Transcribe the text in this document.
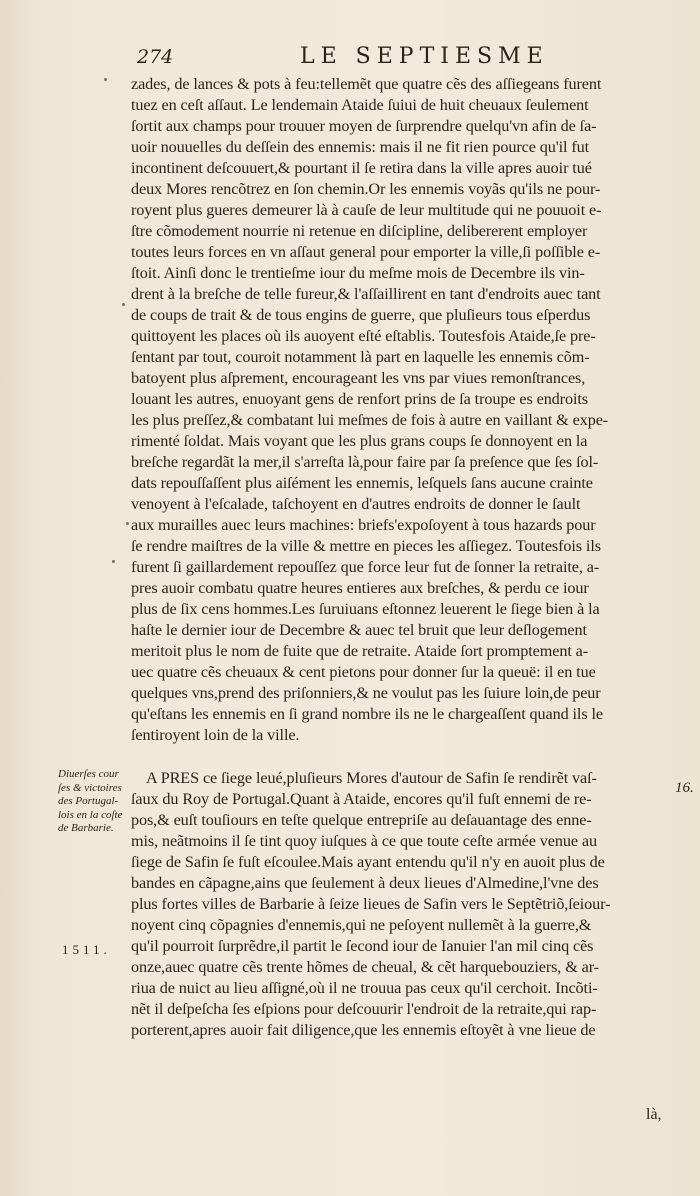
274	LE SEPTIESME
zades, de lances & pots à feu:tellemẽt que quatre cẽs des aſſiegeans furent
tuez en ceſt aſſaut. Le lendemain Ataide ſuiui de huit cheuaux ſeulement
ſortit aux champs pour trouuer moyen de ſurprendre quelqu'vn afin de ſa-
uoir nouuelles du deſſein des ennemis: mais il ne fit rien pource qu'il fut
incontinent deſcouuert,& pourtant il ſe retira dans la ville apres auoir tué
deux Mores rencõtrez en ſon chemin.Or les ennemis voyãs qu'ils ne pour-
royent plus gueres demeurer là à cauſe de leur multitude qui ne pouuoit e-
ſtre cõmodement nourrie ni retenue en diſcipline, delibererent employer
toutes leurs forces en vn aſſaut general pour emporter la ville,ſi poſſible e-
ſtoit. Ainſi donc le trentieſme iour du meſme mois de Decembre ils vin-
drent à la breſche de telle fureur,& l'aſſaillirent en tant d'endroits auec tant
de coups de trait & de tous engins de guerre, que pluſieurs tous eſperdus
quittoyent les places où ils auoyent eſté eſtablis. Toutesfois Ataide,ſe pre-
ſentant par tout, couroit notamment là part en laquelle les ennemis cõm-
batoyent plus aſprement, encourageant les vns par viues remonſtrances,
louant les autres, enuoyant gens de renfort prins de ſa troupe es endroits
les plus preſſez,& combatant lui meſmes de fois à autre en vaillant & expe-
rimenté ſoldat. Mais voyant que les plus grans coups ſe donnoyent en la
breſche regardãt la mer,il s'arreſta là,pour faire par ſa preſence que ſes ſol-
dats repouſſaſſent plus aiſément les ennemis, leſquels ſans aucune crainte
venoyent à l'eſcalade, taſchoyent en d'autres endroits de donner le ſault
aux murailles auec leurs machines: briefs'expoſoyent à tous hazards pour
ſe rendre maiſtres de la ville & mettre en pieces les aſſiegez. Toutesfois ils
furent ſi gaillardement repouſſez que force leur fut de ſonner la retraite, a-
pres auoir combatu quatre heures entieres aux breſches, & perdu ce iour
plus de ſix cens hommes.Les ſuruiuans eſtonnez leuerent le ſiege bien à la
haſte le dernier iour de Decembre & auec tel bruit que leur deſlogement
meritoit plus le nom de fuite que de retraite. Ataide ſort promptement a-
uec quatre cẽs cheuaux & cent pietons pour donner ſur la queuë: il en tue
quelques vns,prend des priſonniers,& ne voulut pas les ſuiure loin,de peur
qu'eſtans les ennemis en ſi grand nombre ils ne le chargeaſſent quand ils le
ſentiroyent loin de la ville.
APRES ce ſiege leué,pluſieurs Mores d'autour de Safin ſe rendirẽt vaſ-
ſaux du Roy de Portugal.Quant à Ataide, encores qu'il fuſt ennemi de re-
pos,& euſt touſiours en teſte quelque entrepriſe au deſauantage des enne-
mis, neãtmoins il ſe tint quoy iuſques à ce que toute ceſte armée venue au
ſiege de Safin ſe fuſt eſcoulee.Mais ayant entendu qu'il n'y en auoit plus de
bandes en cãpagne,ains que ſeulement à deux lieues d'Almedine,l'vne des
plus fortes villes de Barbarie à ſeize lieues de Safin vers le Septẽtriõ,ſeiour-
noyent cinq cõpagnies d'ennemis,qui ne peſoyent nullemẽt à la guerre,&
qu'il pourroit ſurprẽdre,il partit le ſecond iour de Ianuier l'an mil cinq cẽs
onze,auec quatre cẽs trente hõmes de cheual, & cẽt harquebouziers, & ar-
riua de nuict au lieu aſſigné,où il ne trouua pas ceux qu'il cerchoit. Incõti-
nẽt il deſpeſcha ſes eſpions pour deſcouurir l'endroit de la retraite,qui rap-
porterent,apres auoir fait diligence,que les ennemis eſtoyẽt à vne lieue de
Diuerſes cour
ſes & victoires
des Portugal-
lois en la coſte
de Barbarie.
1511.
16.
là,
